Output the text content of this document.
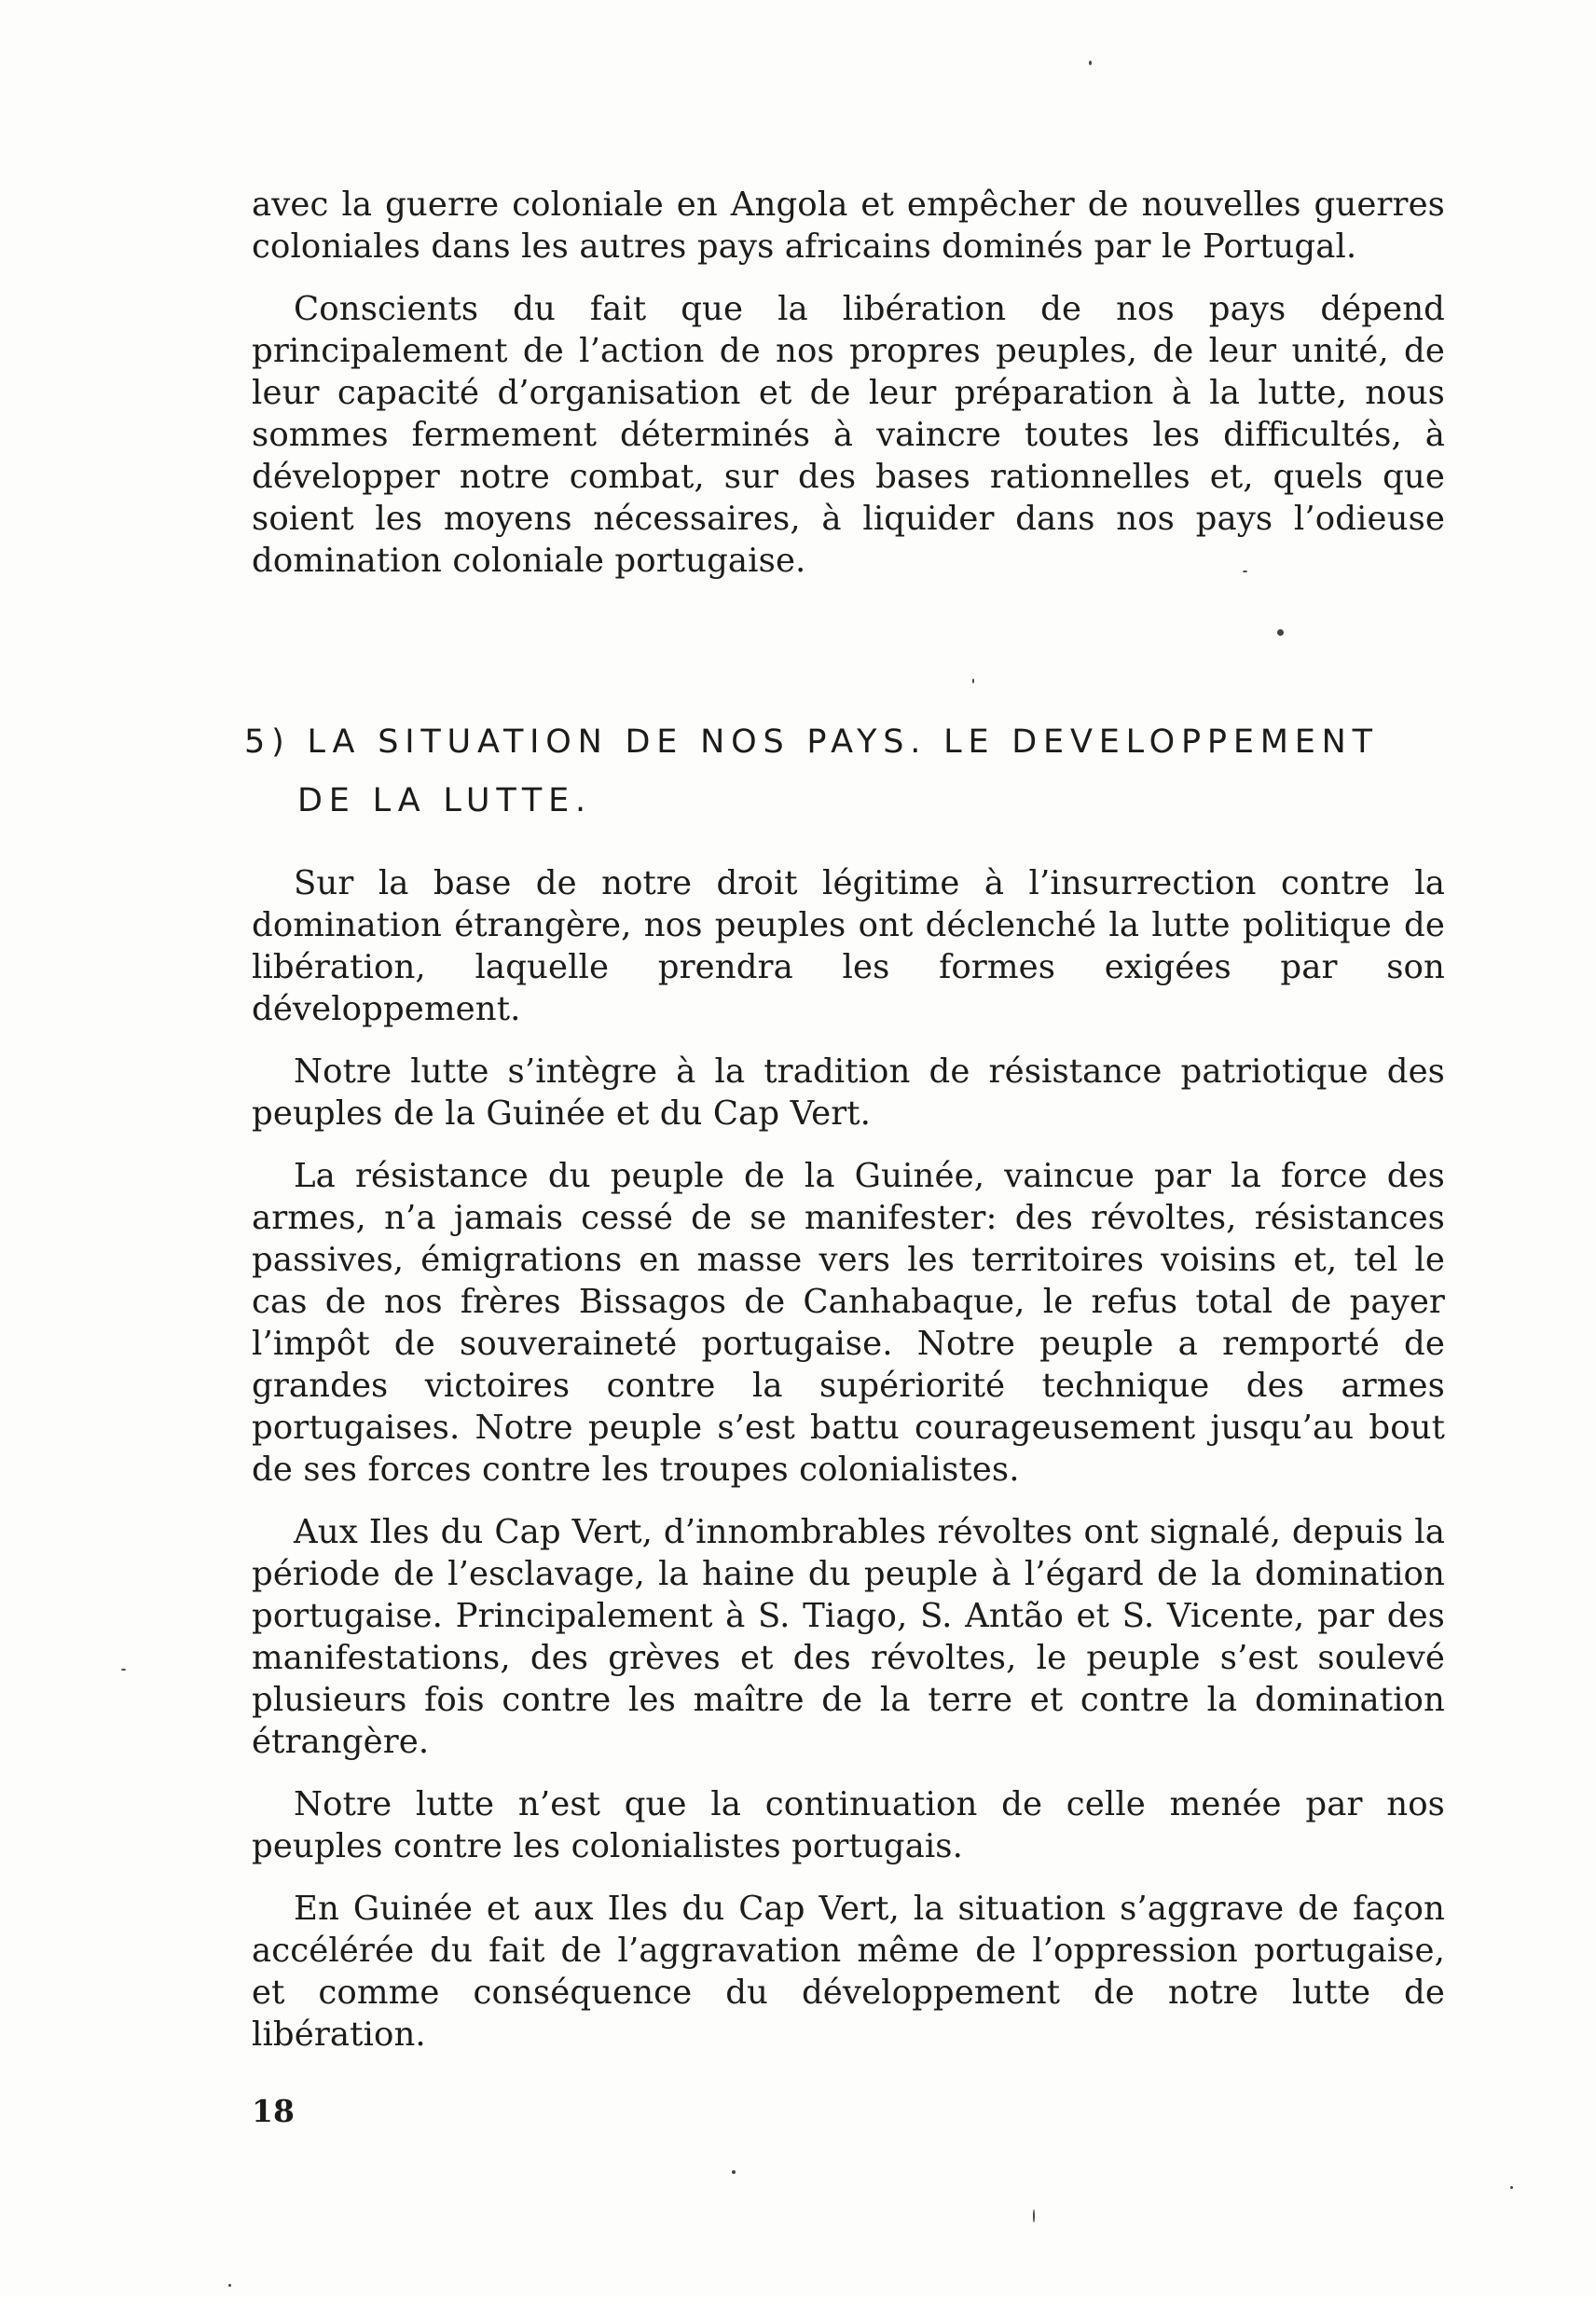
avec la guerre coloniale en Angola et empêcher de nouvelles guerres coloniales dans les autres pays africains dominés par le Portugal.

Conscients du fait que la libération de nos pays dépend principalement de l’action de nos propres peuples, de leur unité, de leur capacité d’organisation et de leur préparation à la lutte, nous sommes fermement déterminés à vaincre toutes les difficultés, à développer notre combat, sur des bases rationnelles et, quels que soient les moyens nécessaires, à liquider dans nos pays l’odieuse domination coloniale portugaise.

5) LA SITUATION DE NOS PAYS. LE DEVELOPPEMENT
DE LA LUTTE.

Sur la base de notre droit légitime à l’insurrection contre la domination étrangère, nos peuples ont déclenché la lutte politique de libération, laquelle prendra les formes exigées par son développement.

Notre lutte s’intègre à la tradition de résistance patriotique des peuples de la Guinée et du Cap Vert.

La résistance du peuple de la Guinée, vaincue par la force des armes, n’a jamais cessé de se manifester: des révoltes, résistances passives, émigrations en masse vers les territoires voisins et, tel le cas de nos frères Bissagos de Canhabaque, le refus total de payer l’impôt de souveraineté portugaise. Notre peuple a remporté de grandes victoires contre la supériorité technique des armes portugaises. Notre peuple s’est battu courageusement jusqu’au bout de ses forces contre les troupes colonialistes.

Aux Iles du Cap Vert, d’innombrables révoltes ont signalé, depuis la période de l’esclavage, la haine du peuple à l’égard de la domination portugaise. Principalement à S. Tiago, S. Antão et S. Vicente, par des manifestations, des grèves et des révoltes, le peuple s’est soulevé plusieurs fois contre les maître de la terre et contre la domination étrangère.

Notre lutte n’est que la continuation de celle menée par nos peuples contre les colonialistes portugais.

En Guinée et aux Iles du Cap Vert, la situation s’aggrave de façon accélérée du fait de l’aggravation même de l’oppression portugaise, et comme conséquence du développement de notre lutte de libération.

18
